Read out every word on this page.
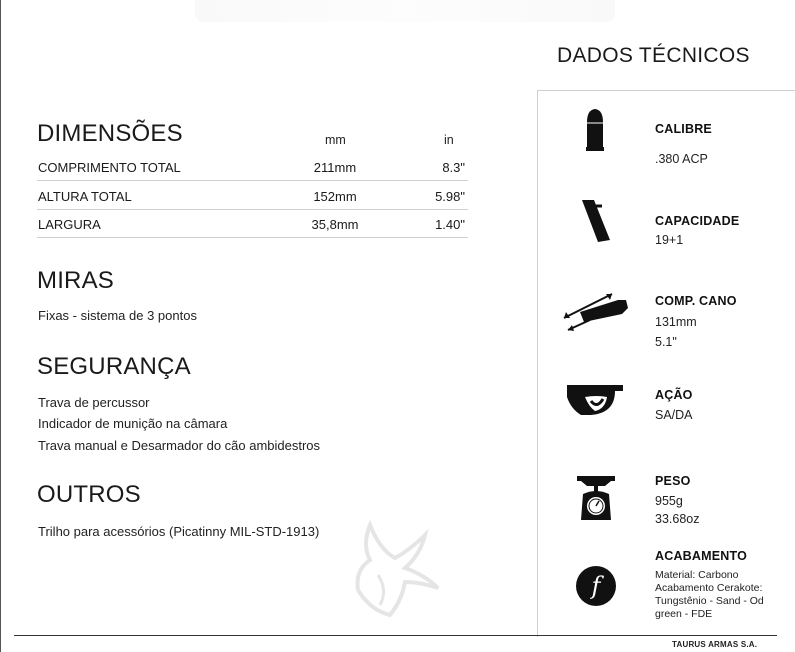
DIMENSÕES	mm	in
COMPRIMENTO TOTAL	211mm	8.3"
ALTURA TOTAL	152mm	5.98"
LARGURA	35,8mm	1.40"
MIRAS
Fixas - sistema de 3 pontos
SEGURANÇA
Trava de percussor
Indicador de munição na câmara
Trava manual e Desarmador do cão ambidestros
OUTROS
Trilho para acessórios (Picatinny MIL-STD-1913)
DADOS TÉCNICOS
CALIBRE
.380 ACP
CAPACIDADE
19+1
COMP. CANO
131mm
5.1"
AÇÃO
SA/DA
PESO
955g
33.68oz
f
ACABAMENTO
Material: Carbono
Acabamento Cerakote:
Tungstênio - Sand - Od
green - FDE
TAURUS ARMAS S.A.
